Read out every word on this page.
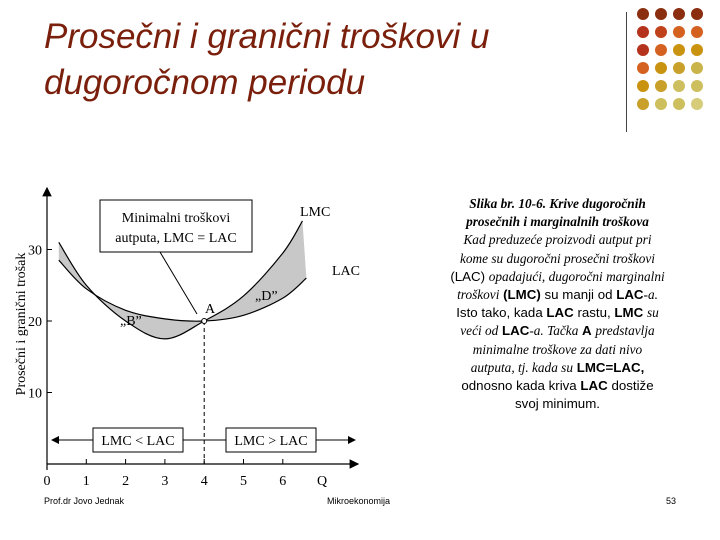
Prosečni i granični troškovi u
dugoročnom periodu
Prosečni i granični trošak
0 1 2 3 4 5 6 Q
10
20
30
Minimalni troškovi
autputa, LMC = LAC
LMC
LAC
A
„B”
„D”
LMC < LAC	LMC > LAC
Slika br. 10-6. Krive dugoročnih prosečnih i marginalnih troškova
Kad preduzeće proizvodi autput pri kome su dugoročni prosečni troškovi (LAC) opadajući, dugoročni marginalni troškovi (LMC) su manji od LAC-a. Isto tako, kada LAC rastu, LMC su veći od LAC-a. Tačka A predstavlja minimalne troškove za dati nivo autputa, tj. kada su LMC=LAC, odnosno kada kriva LAC dostiže svoj minimum.
Prof.dr Jovo Jednak	Mikroekonomija	53
